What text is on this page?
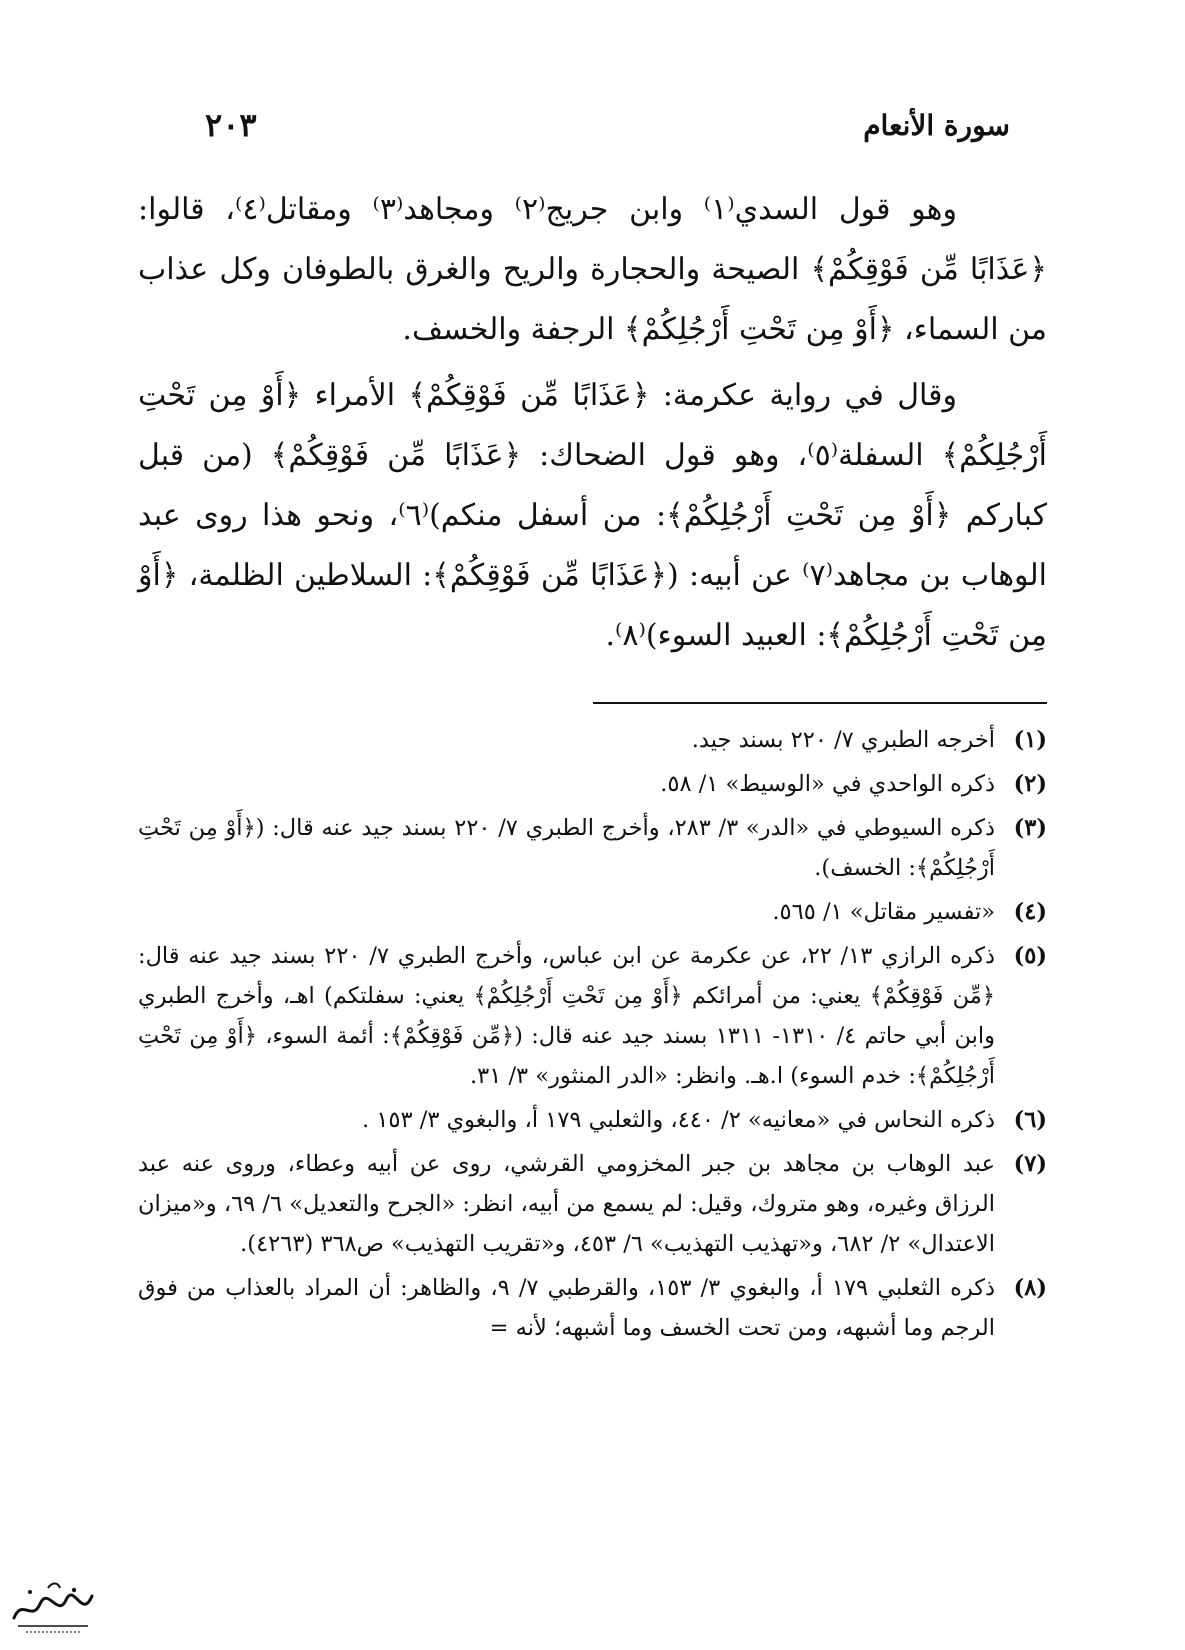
سورة الأنعام
٢٠٣

وهو قول السدي⁽١⁾ وابن جريج⁽٢⁾ ومجاهد⁽٣⁾ ومقاتل⁽٤⁾، قالوا: ﴿عَذَابًا مِّن فَوْقِكُمْ﴾ الصيحة والحجارة والريح والغرق بالطوفان وكل عذاب من السماء، ﴿أَوْ مِن تَحْتِ أَرْجُلِكُمْ﴾ الرجفة والخسف.

وقال في رواية عكرمة: ﴿عَذَابًا مِّن فَوْقِكُمْ﴾ الأمراء ﴿أَوْ مِن تَحْتِ أَرْجُلِكُمْ﴾ السفلة⁽٥⁾، وهو قول الضحاك: ﴿عَذَابًا مِّن فَوْقِكُمْ﴾ (من قبل كباركم ﴿أَوْ مِن تَحْتِ أَرْجُلِكُمْ﴾: من أسفل منكم)⁽٦⁾، ونحو هذا روى عبد الوهاب بن مجاهد⁽٧⁾ عن أبيه: (﴿عَذَابًا مِّن فَوْقِكُمْ﴾: السلاطين الظلمة، ﴿أَوْ مِن تَحْتِ أَرْجُلِكُمْ﴾: العبيد السوء)⁽٨⁾.

(١)
أخرجه الطبري ٧/ ٢٢٠ بسند جيد.
(٢)
ذكره الواحدي في «الوسيط» ١/ ٥٨.
(٣)
ذكره السيوطي في «الدر» ٣/ ٢٨٣، وأخرج الطبري ٧/ ٢٢٠ بسند جيد عنه قال: (﴿أَوْ مِن تَحْتِ أَرْجُلِكُمْ﴾: الخسف).
(٤)
«تفسير مقاتل» ١/ ٥٦٥.
(٥)
ذكره الرازي ١٣/ ٢٢، عن عكرمة عن ابن عباس، وأخرج الطبري ٧/ ٢٢٠ بسند جيد عنه قال: ﴿مِّن فَوْقِكُمْ﴾ يعني: من أمرائكم ﴿أَوْ مِن تَحْتِ أَرْجُلِكُمْ﴾ يعني: سفلتكم) اهـ، وأخرج الطبري وابن أبي حاتم ٤/ ١٣١٠- ١٣١١ بسند جيد عنه قال: (﴿مِّن فَوْقِكُمْ﴾: أئمة السوء، ﴿أَوْ مِن تَحْتِ أَرْجُلِكُمْ﴾: خدم السوء) ا.هـ. وانظر: «الدر المنثور» ٣/ ٣١.
(٦)
ذكره النحاس في «معانيه» ٢/ ٤٤٠، والثعلبي ١٧٩ أ، والبغوي ٣/ ١٥٣ .
(٧)
عبد الوهاب بن مجاهد بن جبر المخزومي القرشي، روى عن أبيه وعطاء، وروى عنه عبد الرزاق وغيره، وهو متروك، وقيل: لم يسمع من أبيه، انظر: «الجرح والتعديل» ٦/ ٦٩، و«ميزان الاعتدال» ٢/ ٦٨٢، و«تهذيب التهذيب» ٦/ ٤٥٣، و«تقريب التهذيب» ص٣٦٨ (٤٢٦٣).
(٨)
ذكره الثعلبي ١٧٩ أ، والبغوي ٣/ ١٥٣، والقرطبي ٧/ ٩، والظاهر: أن المراد بالعذاب من فوق الرجم وما أشبهه، ومن تحت الخسف وما أشبهه؛ لأنه =
